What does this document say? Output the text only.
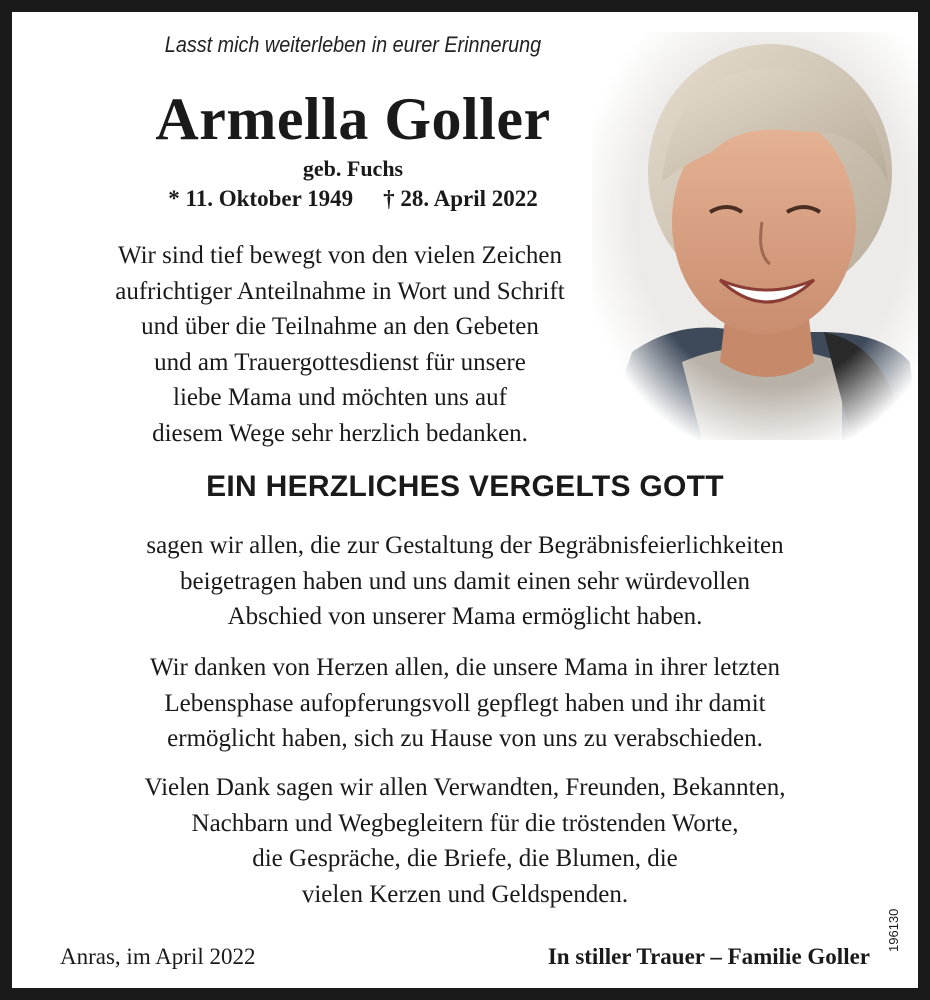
Lasst mich weiterleben in eurer Erinnerung
Armella Goller
geb. Fuchs
* 11. Oktober 1949 † 28. April 2022
Wir sind tief bewegt von den vielen Zeichen
aufrichtiger Anteilnahme in Wort und Schrift
und über die Teilnahme an den Gebeten
und am Trauergottesdienst für unsere
liebe Mama und möchten uns auf
diesem Wege sehr herzlich bedanken.
EIN HERZLICHES VERGELTS GOTT
sagen wir allen, die zur Gestaltung der Begräbnisfeierlichkeiten
beigetragen haben und uns damit einen sehr würdevollen
Abschied von unserer Mama ermöglicht haben.
Wir danken von Herzen allen, die unsere Mama in ihrer letzten
Lebensphase aufopferungsvoll gepflegt haben und ihr damit
ermöglicht haben, sich zu Hause von uns zu verabschieden.
Vielen Dank sagen wir allen Verwandten, Freunden, Bekannten,
Nachbarn und Wegbegleitern für die tröstenden Worte,
die Gespräche, die Briefe, die Blumen, die
vielen Kerzen und Geldspenden.
Anras, im April 2022	In stiller Trauer – Familie Goller
196130
